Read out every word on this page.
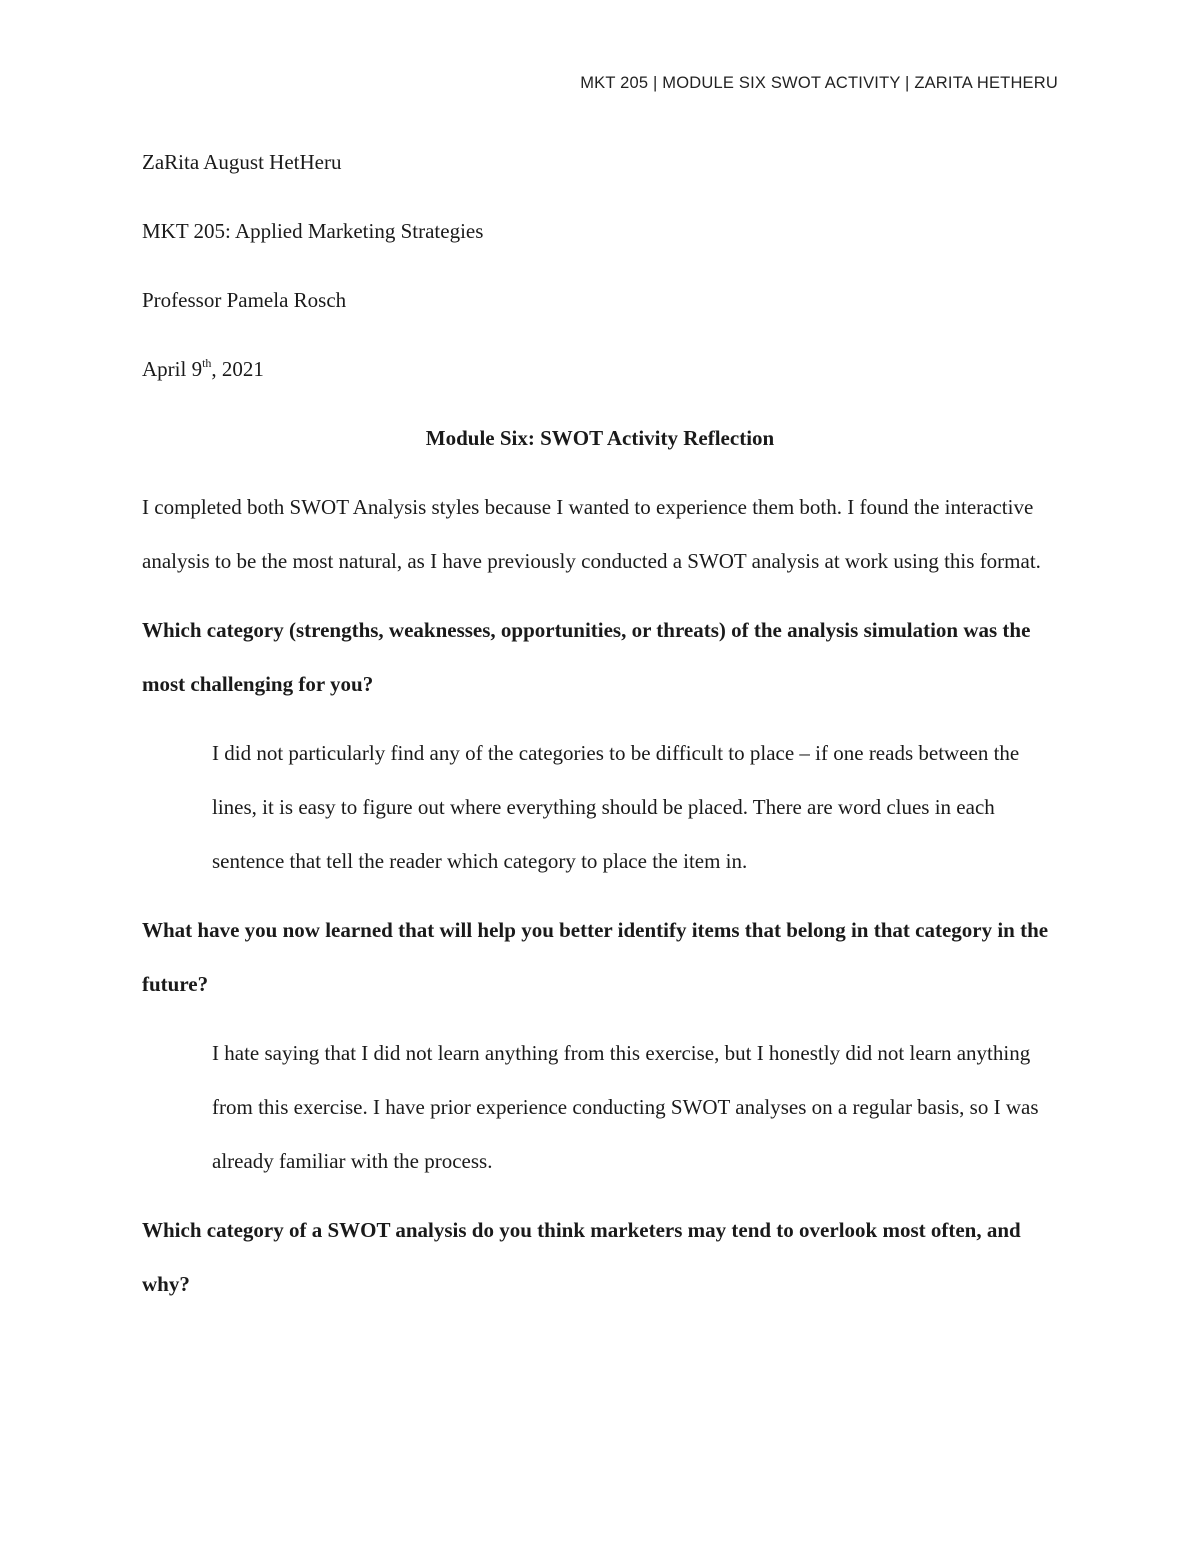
MKT 205 | MODULE SIX SWOT ACTIVITY | ZARITA HETHERU
ZaRita August HetHeru
MKT 205: Applied Marketing Strategies
Professor Pamela Rosch
April 9th, 2021
Module Six: SWOT Activity Reflection
I completed both SWOT Analysis styles because I wanted to experience them both. I found the interactive analysis to be the most natural, as I have previously conducted a SWOT analysis at work using this format.
Which category (strengths, weaknesses, opportunities, or threats) of the analysis simulation was the most challenging for you?
I did not particularly find any of the categories to be difficult to place – if one reads between the lines, it is easy to figure out where everything should be placed. There are word clues in each sentence that tell the reader which category to place the item in.
What have you now learned that will help you better identify items that belong in that category in the future?
I hate saying that I did not learn anything from this exercise, but I honestly did not learn anything from this exercise. I have prior experience conducting SWOT analyses on a regular basis, so I was already familiar with the process.
Which category of a SWOT analysis do you think marketers may tend to overlook most often, and why?
